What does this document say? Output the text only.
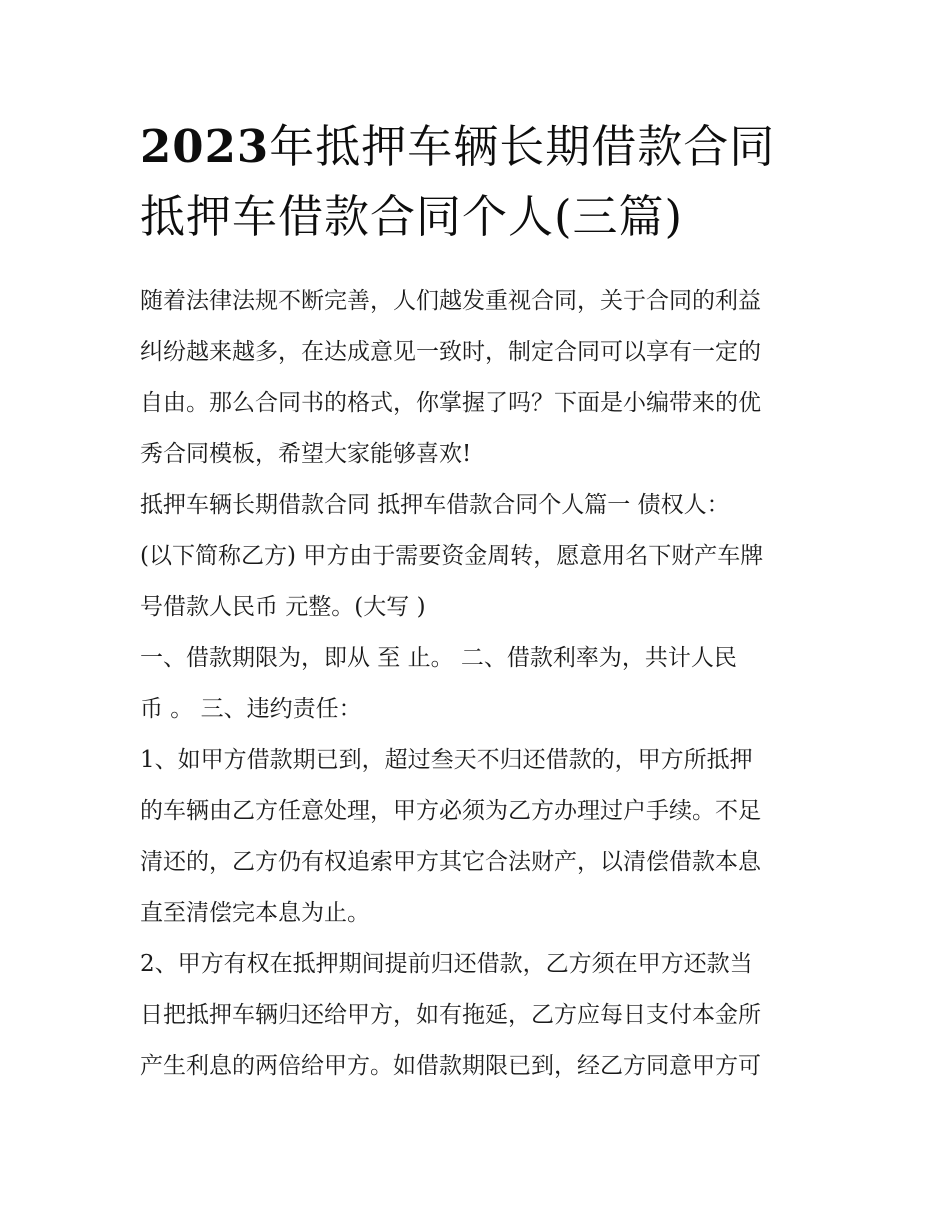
2023年抵押车辆长期借款合同
抵押车借款合同个人(三篇)
随着法律法规不断完善，人们越发重视合同，关于合同的利益
纠纷越来越多，在达成意见一致时，制定合同可以享有一定的
自由。那么合同书的格式，你掌握了吗？下面是小编带来的优
秀合同模板，希望大家能够喜欢!
抵押车辆长期借款合同 抵押车借款合同个人篇一 债权人：
(以下简称乙方) 甲方由于需要资金周转，愿意用名下财产车牌
号借款人民币 元整。(大写 )
一、借款期限为，即从 至 止。 二、借款利率为，共计人民
币 。 三、违约责任：
1、如甲方借款期已到，超过叁天不归还借款的，甲方所抵押
的车辆由乙方任意处理，甲方必须为乙方办理过户手续。不足
清还的，乙方仍有权追索甲方其它合法财产，以清偿借款本息
直至清偿完本息为止。
2、甲方有权在抵押期间提前归还借款，乙方须在甲方还款当
日把抵押车辆归还给甲方，如有拖延，乙方应每日支付本金所
产生利息的两倍给甲方。如借款期限已到，经乙方同意甲方可
